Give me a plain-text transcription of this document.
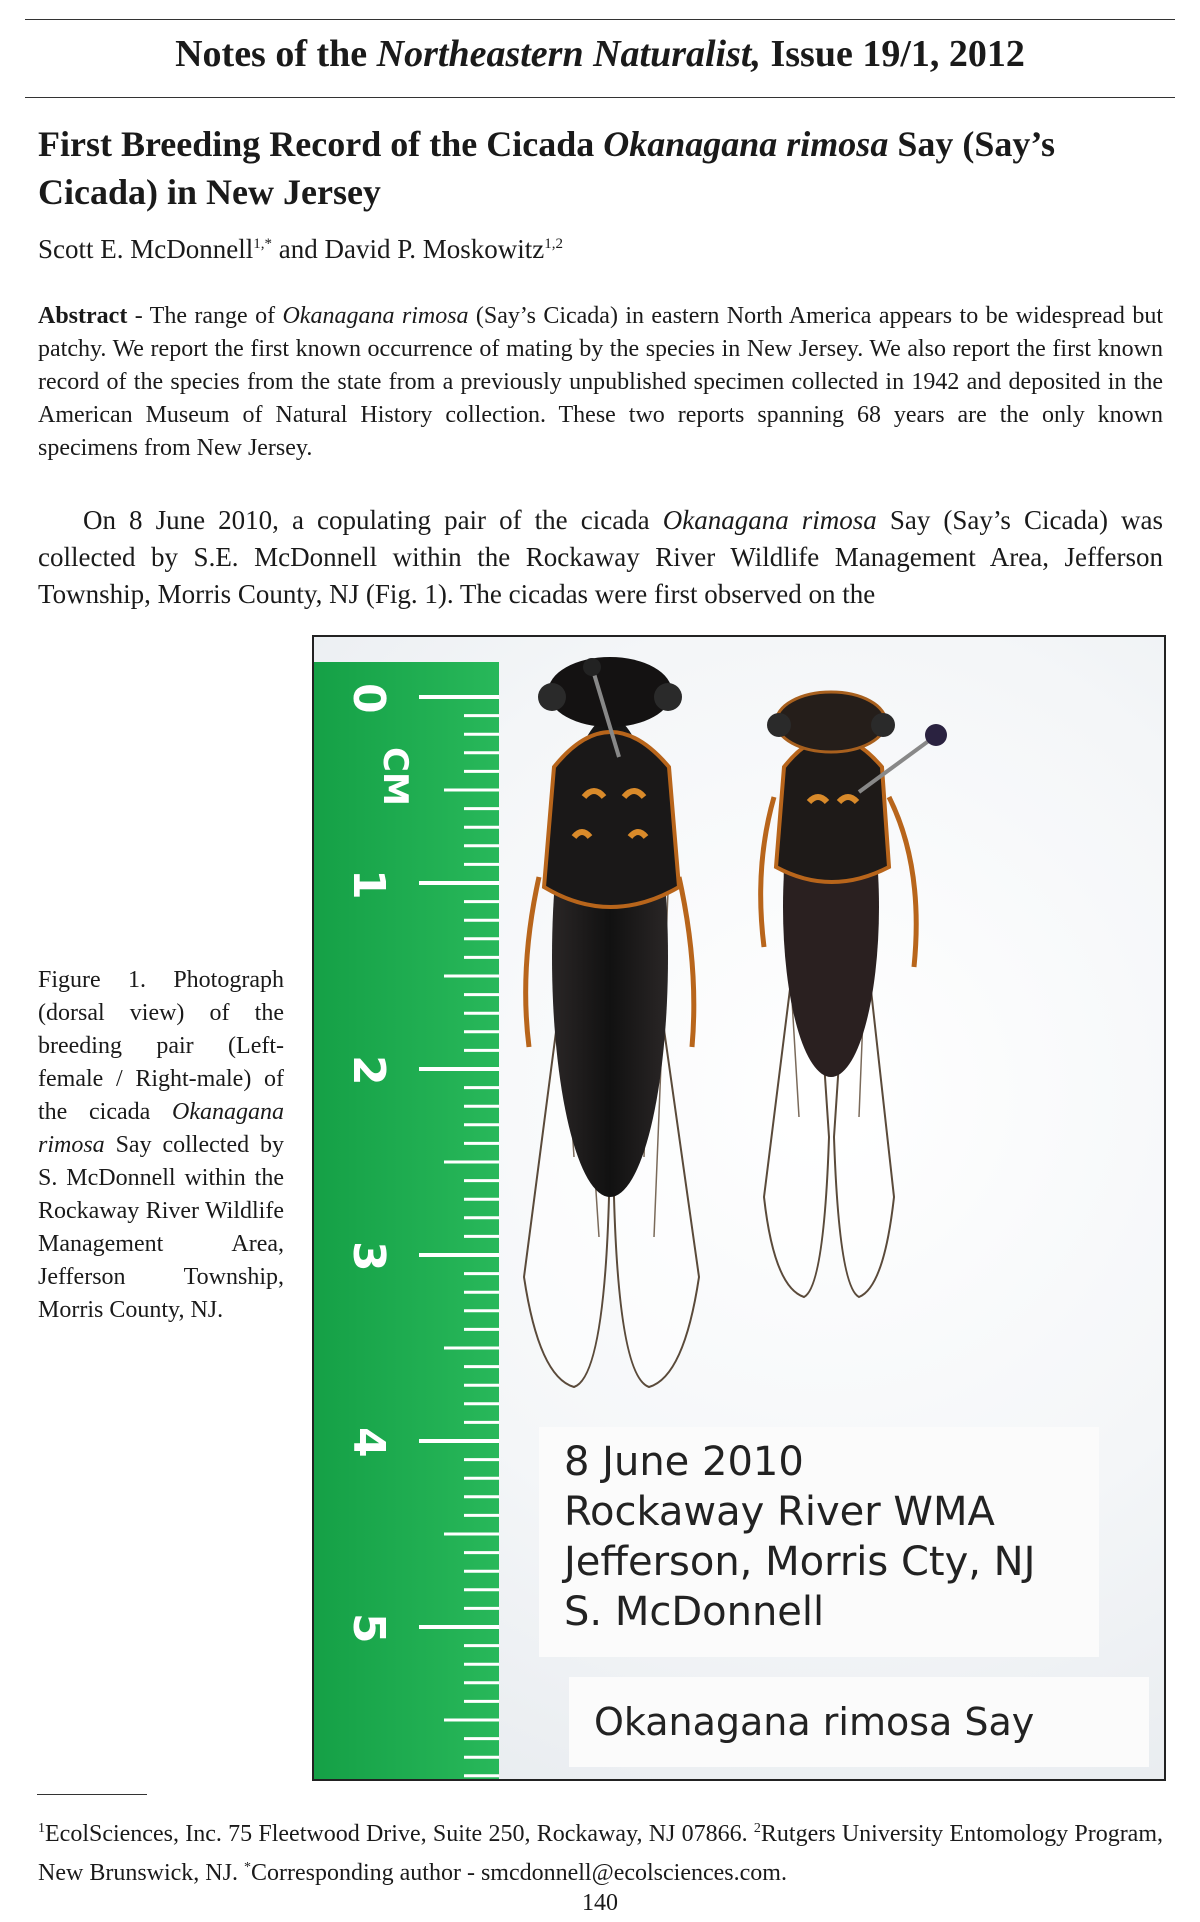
Notes of the Northeastern Naturalist, Issue 19/1, 2012
First Breeding Record of the Cicada Okanagana rimosa Say (Say’s Cicada) in New Jersey
Scott E. McDonnell$^{1,*}$ and David P. Moskowitz$^{1,2}$
Abstract - The range of Okanagana rimosa (Say’s Cicada) in eastern North America appears to be widespread but patchy. We report the first known occurrence of mating by the species in New Jersey. We also report the first known record of the species from the state from a previously unpublished specimen collected in 1942 and deposited in the American Museum of Natural History collection. These two reports spanning 68 years are the only known specimens from New Jersey.
On 8 June 2010, a copulating pair of the cicada Okanagana rimosa Say (Say’s Cicada) was collected by S.E. McDonnell within the Rockaway River Wildlife Management Area, Jefferson Township, Morris County, NJ (Fig. 1). The cicadas were first observed on the
Figure 1. Photograph (dorsal view) of the breeding pair (Left-female / Right-male) of the cicada Okanagana rimosa Say collected by S. McDonnell within the Rockaway River Wildlife Management Area, Jefferson Township, Morris County, NJ.
0
1
2
3
4
5
CM
8 June 2010
Rockaway River WMA
Jefferson, Morris Cty, NJ
S. McDonnell
Okanagana rimosa Say
$^1$EcolSciences, Inc. 75 Fleetwood Drive, Suite 250, Rockaway, NJ 07866. $^2$Rutgers University Entomology Program, New Brunswick, NJ. *Corresponding author - smcdonnell@ecolsciences.com.
140
